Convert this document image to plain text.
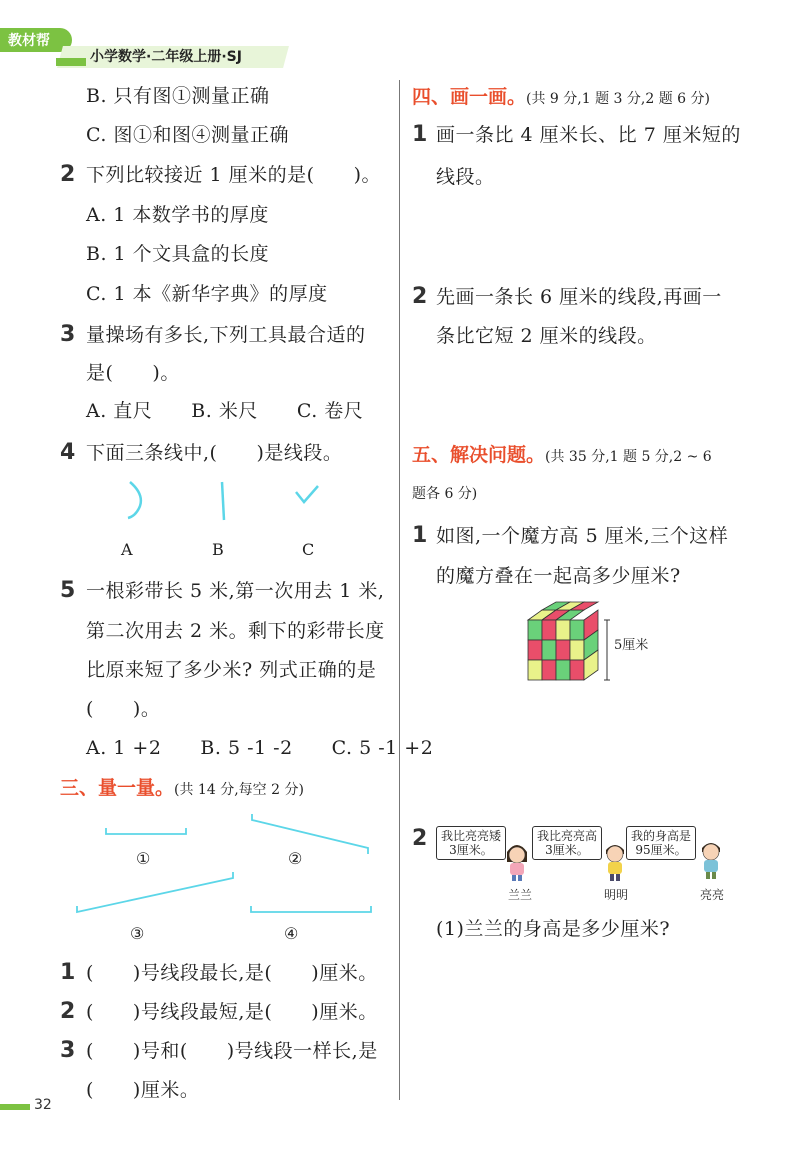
教材帮
小学数学·二年级上册·SJ
B. 只有图①测量正确
C. 图①和图④测量正确
2 下列比较接近 1 厘米的是(　　)。
A. 1 本数学书的厚度
B. 1 个文具盒的长度
C. 1 本《新华字典》的厚度
3 量操场有多长,下列工具最合适的
是(　　)。
A. 直尺　　B. 米尺　　C. 卷尺
4 下面三条线中,(　　)是线段。
A	B	C
5 一根彩带长 5 米,第一次用去 1 米,
第二次用去 2 米。剩下的彩带长度
比原来短了多少米? 列式正确的是
(　　)。
A. 1 +2　　B. 5 -1 -2　　C. 5 -1 +2
三、量一量。(共 14 分,每空 2 分)
①	②
③	④
1 (　　)号线段最长,是(　　)厘米。
2 (　　)号线段最短,是(　　)厘米。
3 (　　)号和(　　)号线段一样长,是
(　　)厘米。
32
四、画一画。(共 9 分,1 题 3 分,2 题 6 分)
1 画一条比 4 厘米长、比 7 厘米短的
线段。
2 先画一条长 6 厘米的线段,再画一
条比它短 2 厘米的线段。
五、解决问题。(共 35 分,1 题 5 分,2 ~ 6
题各 6 分)
1 如图,一个魔方高 5 厘米,三个这样
的魔方叠在一起高多少厘米?
5厘米
2	我比亮亮矮3厘米。
我比亮亮高3厘米。
我的身高是95厘米。
兰兰	明明	亮亮
(1)兰兰的身高是多少厘米?
